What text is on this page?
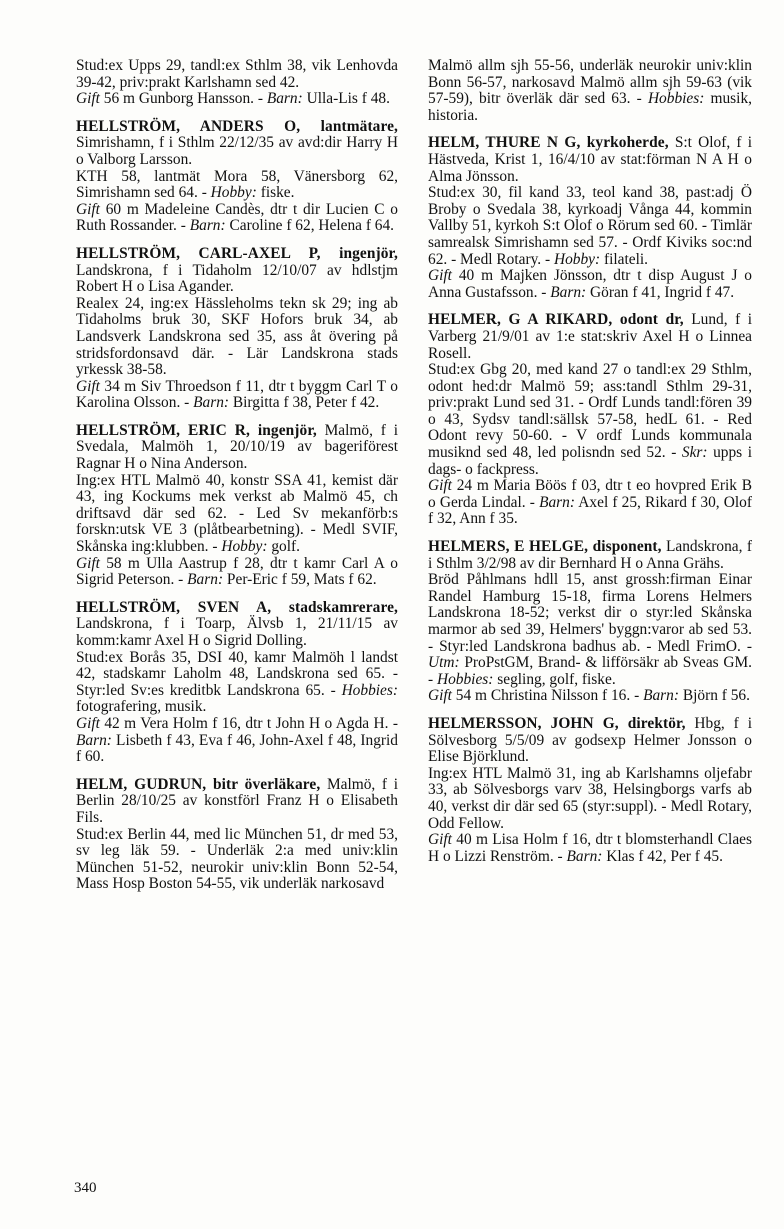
Stud:ex Upps 29, tandl:ex Sthlm 38, vik Lenhovda 39-42, priv:prakt Karlshamn sed 42.

Gift 56 m Gunborg Hansson. - Barn: Ulla-Lis f 48.

HELLSTRÖM, ANDERS O, lantmätare, Simrishamn, f i Sthlm 22/12/35 av avd:dir Harry H o Valborg Larsson.

KTH 58, lantmät Mora 58, Vänersborg 62, Simrishamn sed 64. - Hobby: fiske.

Gift 60 m Madeleine Candès, dtr t dir Lucien C o Ruth Rossander. - Barn: Caroline f 62, Helena f 64.

HELLSTRÖM, CARL-AXEL P, ingenjör, Landskrona, f i Tidaholm 12/10/07 av hdlstjm Robert H o Lisa Agander.

Realex 24, ing:ex Hässleholms tekn sk 29; ing ab Tidaholms bruk 30, SKF Hofors bruk 34, ab Landsverk Landskrona sed 35, ass åt övering på stridsfordonsavd där. - Lär Landskrona stads yrkessk 38-58.

Gift 34 m Siv Throedson f 11, dtr t byggm Carl T o Karolina Olsson. - Barn: Birgitta f 38, Peter f 42.

HELLSTRÖM, ERIC R, ingenjör, Malmö, f i Svedala, Malmöh 1, 20/10/19 av bageriförest Ragnar H o Nina Anderson.

Ing:ex HTL Malmö 40, konstr SSA 41, kemist där 43, ing Kockums mek verkst ab Malmö 45, ch driftsavd där sed 62. - Led Sv mekanförb:s forskn:utsk VE 3 (plåtbearbetning). - Medl SVIF, Skånska ing:klubben. - Hobby: golf.

Gift 58 m Ulla Aastrup f 28, dtr t kamr Carl A o Sigrid Peterson. - Barn: Per-Eric f 59, Mats f 62.

HELLSTRÖM, SVEN A, stadskamrerare, Landskrona, f i Toarp, Älvsb 1, 21/11/15 av komm:kamr Axel H o Sigrid Dolling.

Stud:ex Borås 35, DSI 40, kamr Malmöh l landst 42, stadskamr Laholm 48, Landskrona sed 65. - Styr:led Sv:es kreditbk Landskrona 65. - Hobbies: fotografering, musik.

Gift 42 m Vera Holm f 16, dtr t John H o Agda H. - Barn: Lisbeth f 43, Eva f 46, John-Axel f 48, Ingrid f 60.

HELM, GUDRUN, bitr överläkare, Malmö, f i Berlin 28/10/25 av konstförl Franz H o Elisabeth Fils.

Stud:ex Berlin 44, med lic München 51, dr med 53, sv leg läk 59. - Underläk 2:a med univ:klin München 51-52, neurokir univ:klin Bonn 52-54, Mass Hosp Boston 54-55, vik underläk narkosavd

Malmö allm sjh 55-56, underläk neurokir univ:klin Bonn 56-57, narkosavd Malmö allm sjh 59-63 (vik 57-59), bitr överläk där sed 63. - Hobbies: musik, historia.

HELM, THURE N G, kyrkoherde, S:t Olof, f i Hästveda, Krist 1, 16/4/10 av stat:förman N A H o Alma Jönsson.

Stud:ex 30, fil kand 33, teol kand 38, past:adj Ö Broby o Svedala 38, kyrkoadj Vånga 44, kommin Vallby 51, kyrkoh S:t Olof o Rörum sed 60. - Timlär samrealsk Simrishamn sed 57. - Ordf Kiviks soc:nd 62. - Medl Rotary. - Hobby: filateli.

Gift 40 m Majken Jönsson, dtr t disp August J o Anna Gustafsson. - Barn: Göran f 41, Ingrid f 47.

HELMER, G A RIKARD, odont dr, Lund, f i Varberg 21/9/01 av 1:e stat:skriv Axel H o Linnea Rosell.

Stud:ex Gbg 20, med kand 27 o tandl:ex 29 Sthlm, odont hed:dr Malmö 59; ass:tandl Sthlm 29-31, priv:prakt Lund sed 31. - Ordf Lunds tandl:fören 39 o 43, Sydsv tandl:sällsk 57-58, hedL 61. - Red Odont revy 50-60. - V ordf Lunds kommunala musiknd sed 48, led polisndn sed 52. - Skr: upps i dags- o fackpress.

Gift 24 m Maria Böös f 03, dtr t eo hovpred Erik B o Gerda Lindal. - Barn: Axel f 25, Rikard f 30, Olof f 32, Ann f 35.

HELMERS, E HELGE, disponent, Landskrona, f i Sthlm 3/2/98 av dir Bernhard H o Anna Grähs.

Bröd Påhlmans hdll 15, anst grossh:firman Einar Randel Hamburg 15-18, firma Lorens Helmers Landskrona 18-52; verkst dir o styr:led Skånska marmor ab sed 39, Helmers' byggn:varor ab sed 53. - Styr:led Landskrona badhus ab. - Medl FrimO. - Utm: ProPstGM, Brand- & lifförsäkr ab Sveas GM. - Hobbies: segling, golf, fiske.

Gift 54 m Christina Nilsson f 16. - Barn: Björn f 56.

HELMERSSON, JOHN G, direktör, Hbg, f i Sölvesborg 5/5/09 av godsexp Helmer Jonsson o Elise Björklund.

Ing:ex HTL Malmö 31, ing ab Karlshamns oljefabr 33, ab Sölvesborgs varv 38, Helsingborgs varfs ab 40, verkst dir där sed 65 (styr:suppl). - Medl Rotary, Odd Fellow.

Gift 40 m Lisa Holm f 16, dtr t blomsterhandl Claes H o Lizzi Renström. - Barn: Klas f 42, Per f 45.

340
